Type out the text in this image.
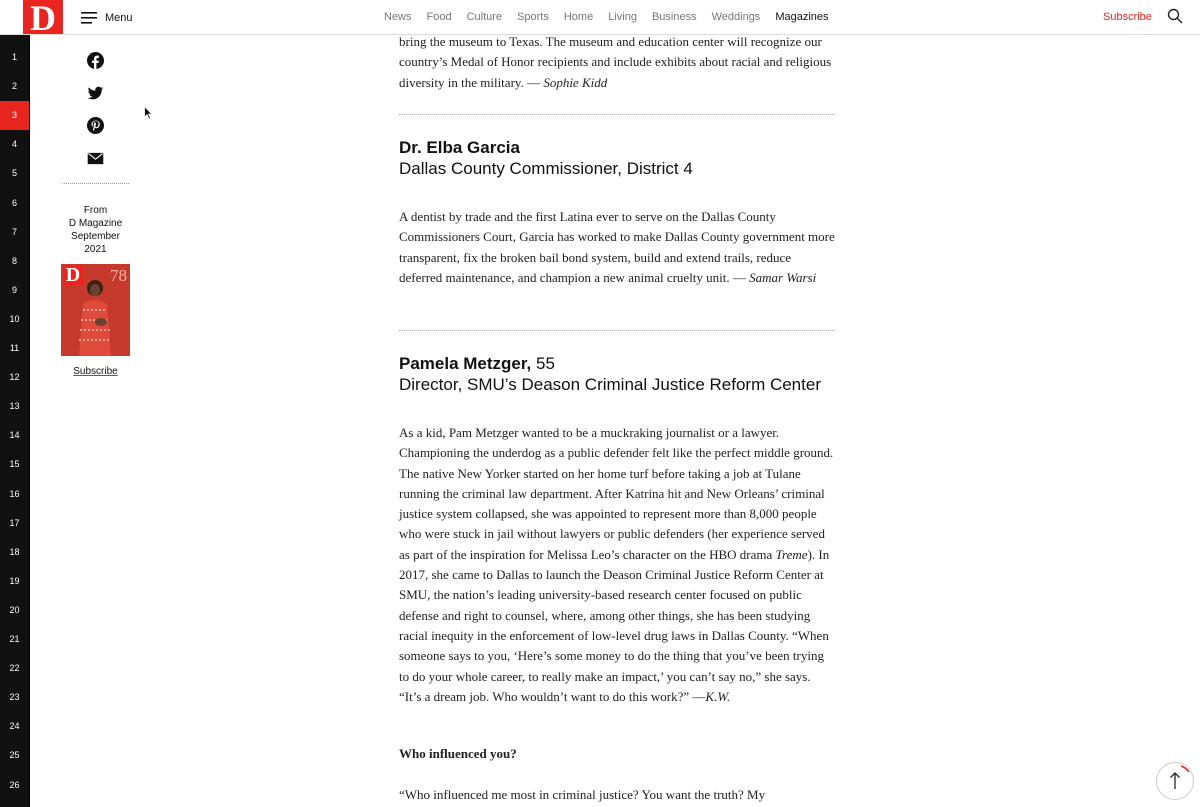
D	Menu	News Food Culture Sports Home Living Business Weddings Magazines	Subscribe
1
2
3
4
5
6
7
8
9
10
11
12
13
14
15
16
17
18
19
20
21
22
23
24
25
26
From
D Magazine
September
2021
D 78
Subscribe

bring the museum to Texas. The museum and education center will recognize our country’s Medal of Honor recipients and include exhibits about racial and religious diversity in the military. — Sophie Kidd

Dr. Elba Garcia
Dallas County Commissioner, District 4

A dentist by trade and the first Latina ever to serve on the Dallas County Commissioners Court, Garcia has worked to make Dallas County government more transparent, fix the broken bail bond system, build and extend trails, reduce deferred maintenance, and champion a new animal cruelty unit. — Samar Warsi

Pamela Metzger, 55
Director, SMU’s Deason Criminal Justice Reform Center

As a kid, Pam Metzger wanted to be a muckraking journalist or a lawyer. Championing the underdog as a public defender felt like the perfect middle ground. The native New Yorker started on her home turf before taking a job at Tulane running the criminal law department. After Katrina hit and New Orleans’ criminal justice system collapsed, she was appointed to represent more than 8,000 people who were stuck in jail without lawyers or public defenders (her experience served as part of the inspiration for Melissa Leo’s character on the HBO drama Treme). In 2017, she came to Dallas to launch the Deason Criminal Justice Reform Center at SMU, the nation’s leading university-based research center focused on public defense and right to counsel, where, among other things, she has been studying racial inequity in the enforcement of low-level drug laws in Dallas County. “When someone says to you, ‘Here’s some money to do the thing that you’ve been trying to do your whole career, to really make an impact,’ you can’t say no,” she says. “It’s a dream job. Who wouldn’t want to do this work?” —K.W.

Who influenced you?

“Who influenced me most in criminal justice? You want the truth? My
